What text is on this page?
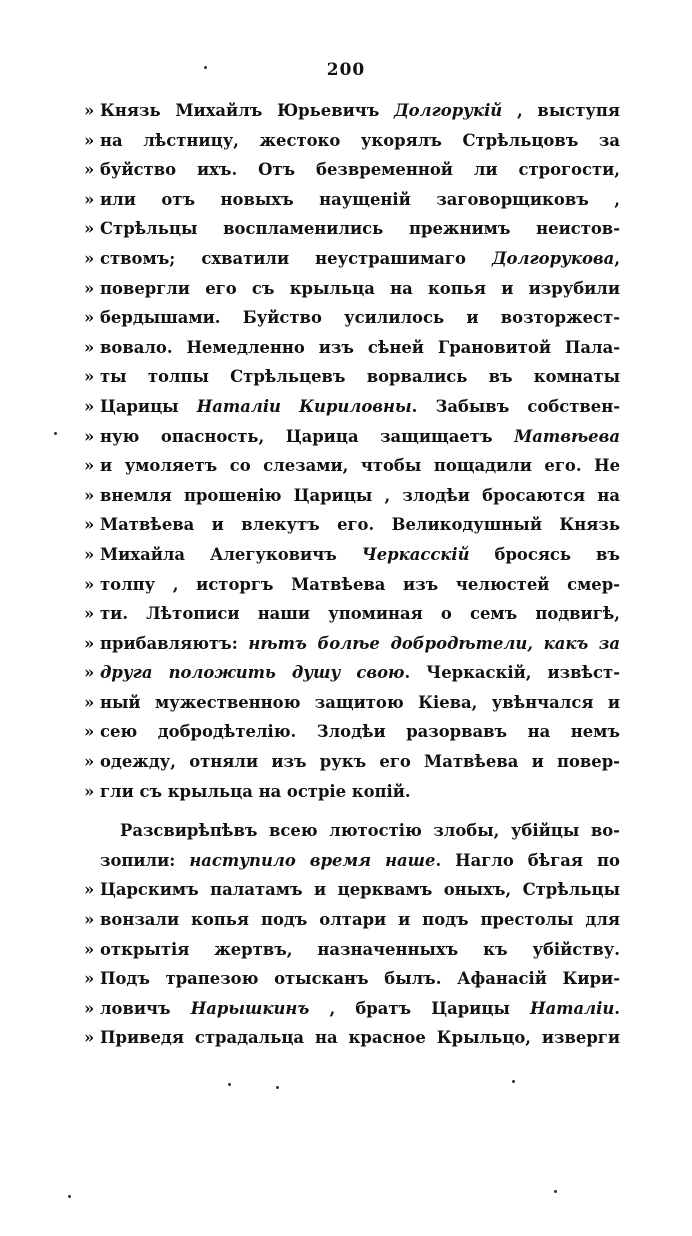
200
» Князь Михайлъ Юрьевичъ Долгорукій , выступя
» на лѣстницу, жестоко укорялъ Стрѣльцовъ за
» буйство ихъ. Отъ безвременной ли строгости,
» или отъ новыхъ наущеній заговорщиковъ ,
» Стрѣльцы воспламенились прежнимъ неистов-
» ствомъ; схватили неустрашимаго Долгорукова,
» повергли его съ крыльца на копья и изрубили
» бердышами. Буйство усилилось и возторжест-
» вовало. Немедленно изъ сѣней Грановитой Пала-
» ты толпы Стрѣльцевъ ворвались въ комнаты
» Царицы Наталіи Кириловны. Забывъ собствен-
» ную опасность, Царица защищаетъ Матвѣева
» и умоляетъ со слезами, чтобы пощадили его. Не
» внемля прошенію Царицы , злодѣи бросаются на
» Матвѣева и влекутъ его. Великодушный Князь
» Михайла Алегуковичъ Черкасскій бросясь въ
» толпу , исторгъ Матвѣева изъ челюстей смер-
» ти. Лѣтописи наши упоминая о семъ подвигѣ,
» прибавляютъ: нѣтъ болѣе добродѣтели, какъ за
» друга положить душу свою. Черкаскій, извѣст-
» ный мужественною защитою Кіева, увѣнчался и
» сею добродѣтелію. Злодѣи разорвавъ на немъ
» одежду, отняли изъ рукъ его Матвѣева и повер-
» гли съ крыльца на остріе копій.
Разсвирѣпѣвъ всею лютостію злобы, убійцы во-
зопили: наступило время наше. Нагло бѣгая по
» Царскимъ палатамъ и церквамъ оныхъ, Стрѣльцы
» вонзали копья подъ олтари и подъ престолы для
» открытія жертвъ, назначенныхъ къ убійству.
» Подъ трапезою отысканъ былъ. Афанасій Кири-
» ловичъ Нарышкинъ , братъ Царицы Наталіи.
» Приведя страдальца на красное Крыльцо, изверги
